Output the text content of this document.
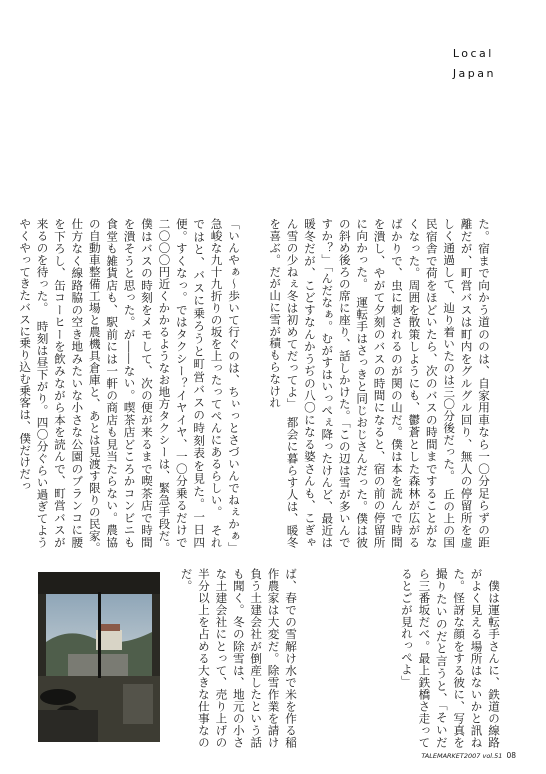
Local
Japan

「いんやぁ～歩いて行ぐのは、ちぃっとさづいんでねぇかぁ」　急峻な九十九折りの坂を上ったってぺんにあるらしい。　それではと、バスに乗ろうと町営バスの時刻表を見た。一日四便。すくなっ。ではタクシー？イヤイヤ、一〇分乗るだけで二〇〇〇円近くかかるようなお地方タクシーは、緊急手段だ。　僕はバスの時刻をメモして、次の便が来るまで喫茶店で時間を潰そうと思った。が――ない。喫茶店どころかコンビニも食堂も雑貨店も、駅前には一軒の商店も見当たらない。農協の自動車整備工場と農機具倉庫と、あとは見渡す限りの民家。　仕方なく線路脇の空き地みたいな小さな公園のブランコに腰を下ろし、缶コーヒーを飲みながら本を読んで、町営バスが来るのを待った。　時刻は昼下がり。四〇分ぐらい過ぎてようやくやってきたバスに乗り込む乗客は、僕だけだっ	た。宿まで向かう道ののは、自家用車なら一〇分足らずの距離だが、町営バスは町内をグルグル回り、無人の停留所を虚しく通過して、辿り着いたのは三〇分後だった。　丘の上の国民宿舎で荷をほどいたら、次のバスの時間まですることがなくなった。周囲を散策しようにも、鬱蒼とした森林が広がるばかりで、虫に刺されるのが関の山だ。僕は本を読んで時間を潰し、やがて夕刻のバスの時間になると、宿の前の停留所に向かった。　運転手はさっきと同じおじさんだった。僕は彼の斜め後ろの席に座り、話しかけた。「この辺は雪が多いんですか？」「んだなぁ。むがすはいっぺぇ降ったけんど、最近は暖冬だが、こどすなんかうぢの八〇になる婆さんも、こぎゃん雪の少ねぇ冬は初めてだってよ」　都会に暮らす人は、暖冬を喜ぶ。だが山に雪が積もらなけれ

ば、春での雪解け水で米を作る稲作農家は大変だ。除雪作業を請け負う土建会社が倒産したという話も聞く。冬の除雪は、地元の小さな土建会社にとって、売り上げの半分以上を占める大きな仕事なのだ。	　僕は運転手さんに、鉄道の線路がよく見える場所はないかと訊ねた。怪訝な顔をする彼に、写真を撮りたいのだと言うと、「そいだら三番坂だべ。最上鉄橋さ走ってるとごが見れっぺよ」

TALEMARKET2007 vol.51 08
